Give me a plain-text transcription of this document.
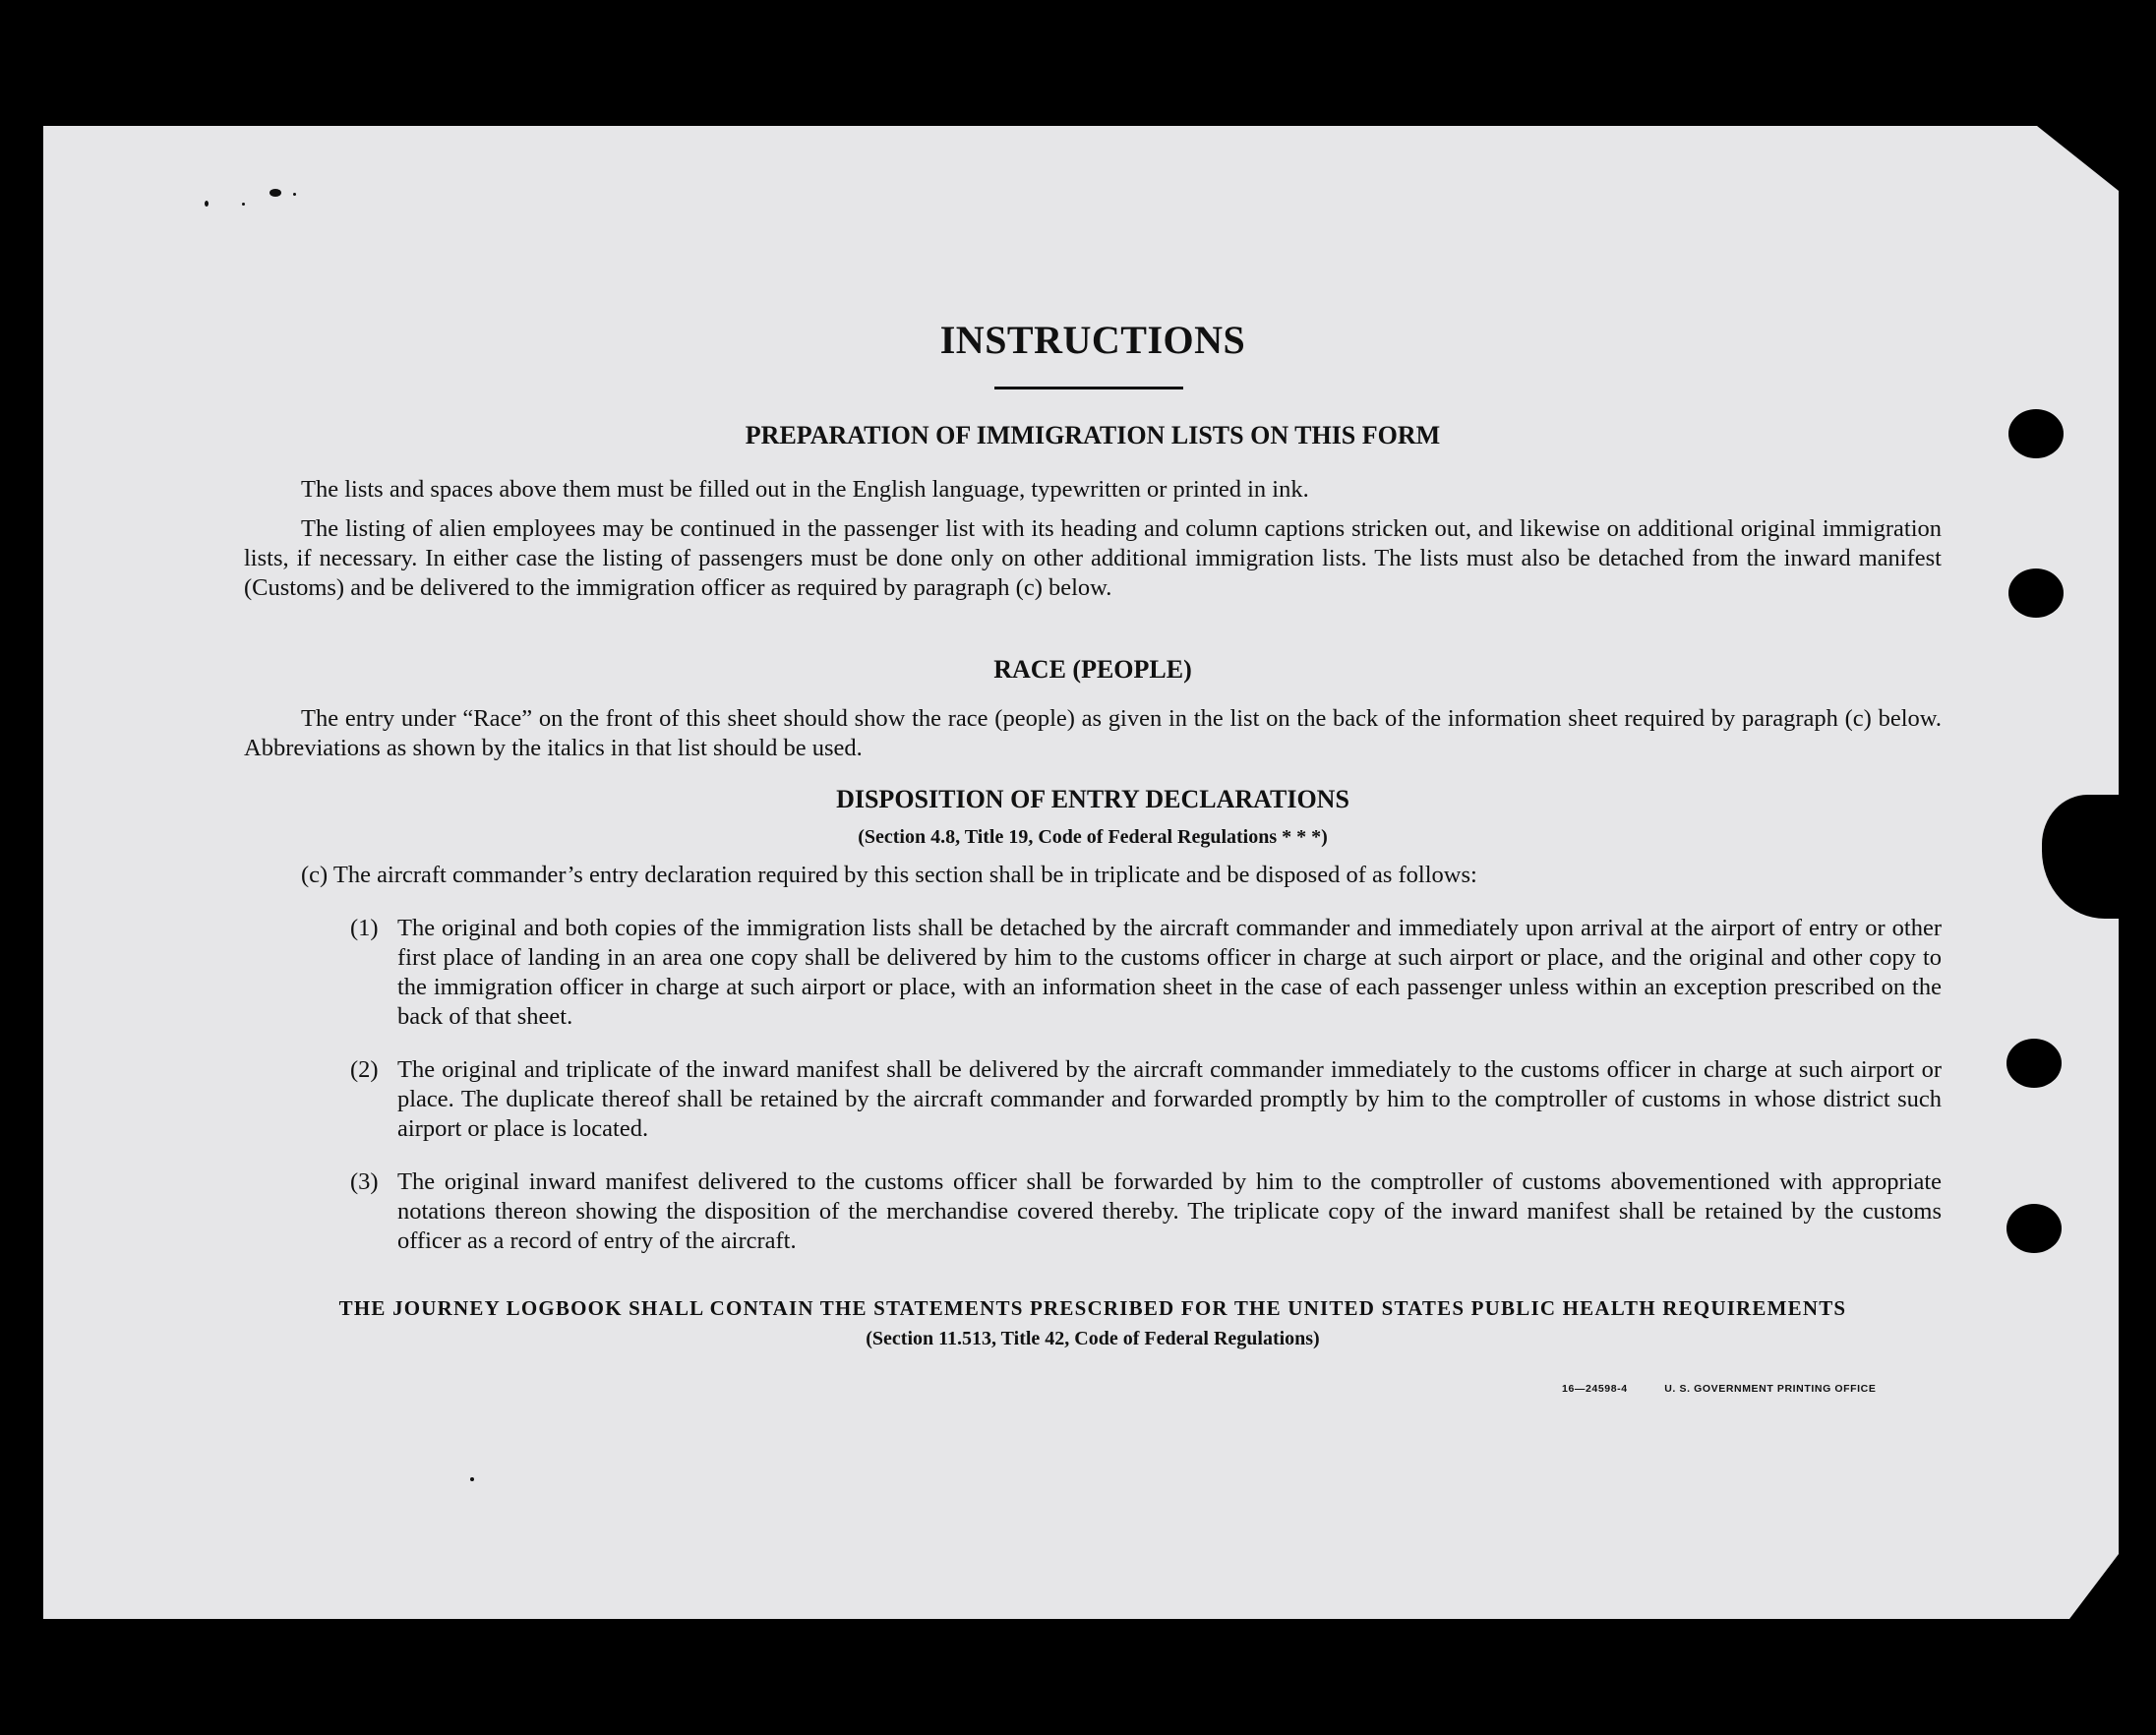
INSTRUCTIONS
PREPARATION OF IMMIGRATION LISTS ON THIS FORM

The lists and spaces above them must be filled out in the English language, typewritten or printed in ink.

The listing of alien employees may be continued in the passenger list with its heading and column captions stricken out, and likewise on additional original immigration lists, if necessary. In either case the listing of passengers must be done only on other additional immigration lists. The lists must also be detached from the inward manifest (Customs) and be delivered to the immigration officer as required by paragraph (c) below.

RACE (PEOPLE)

The entry under “Race” on the front of this sheet should show the race (people) as given in the list on the back of the information sheet required by paragraph (c) below. Abbreviations as shown by the italics in that list should be used.

DISPOSITION OF ENTRY DECLARATIONS
(Section 4.8, Title 19, Code of Federal Regulations * * *)

(c) The aircraft commander’s entry declaration required by this section shall be in triplicate and be disposed of as follows:

(1) The original and both copies of the immigration lists shall be detached by the aircraft commander and immediately upon arrival at the airport of entry or other first place of landing in an area one copy shall be delivered by him to the customs officer in charge at such airport or place, and the original and other copy to the immigration officer in charge at such airport or place, with an information sheet in the case of each passenger unless within an exception prescribed on the back of that sheet.

(2) The original and triplicate of the inward manifest shall be delivered by the aircraft commander immediately to the customs officer in charge at such airport or place. The duplicate thereof shall be retained by the aircraft commander and forwarded promptly by him to the comptroller of customs in whose district such airport or place is located.

(3) The original inward manifest delivered to the customs officer shall be forwarded by him to the comptroller of customs abovementioned with appropriate notations thereon showing the disposition of the merchandise covered thereby. The triplicate copy of the inward manifest shall be retained by the customs officer as a record of entry of the aircraft.

THE JOURNEY LOGBOOK SHALL CONTAIN THE STATEMENTS PRESCRIBED FOR THE UNITED STATES PUBLIC HEALTH REQUIREMENTS

(Section 11.513, Title 42, Code of Federal Regulations)
16—24598-4	U. S. GOVERNMENT PRINTING OFFICE
